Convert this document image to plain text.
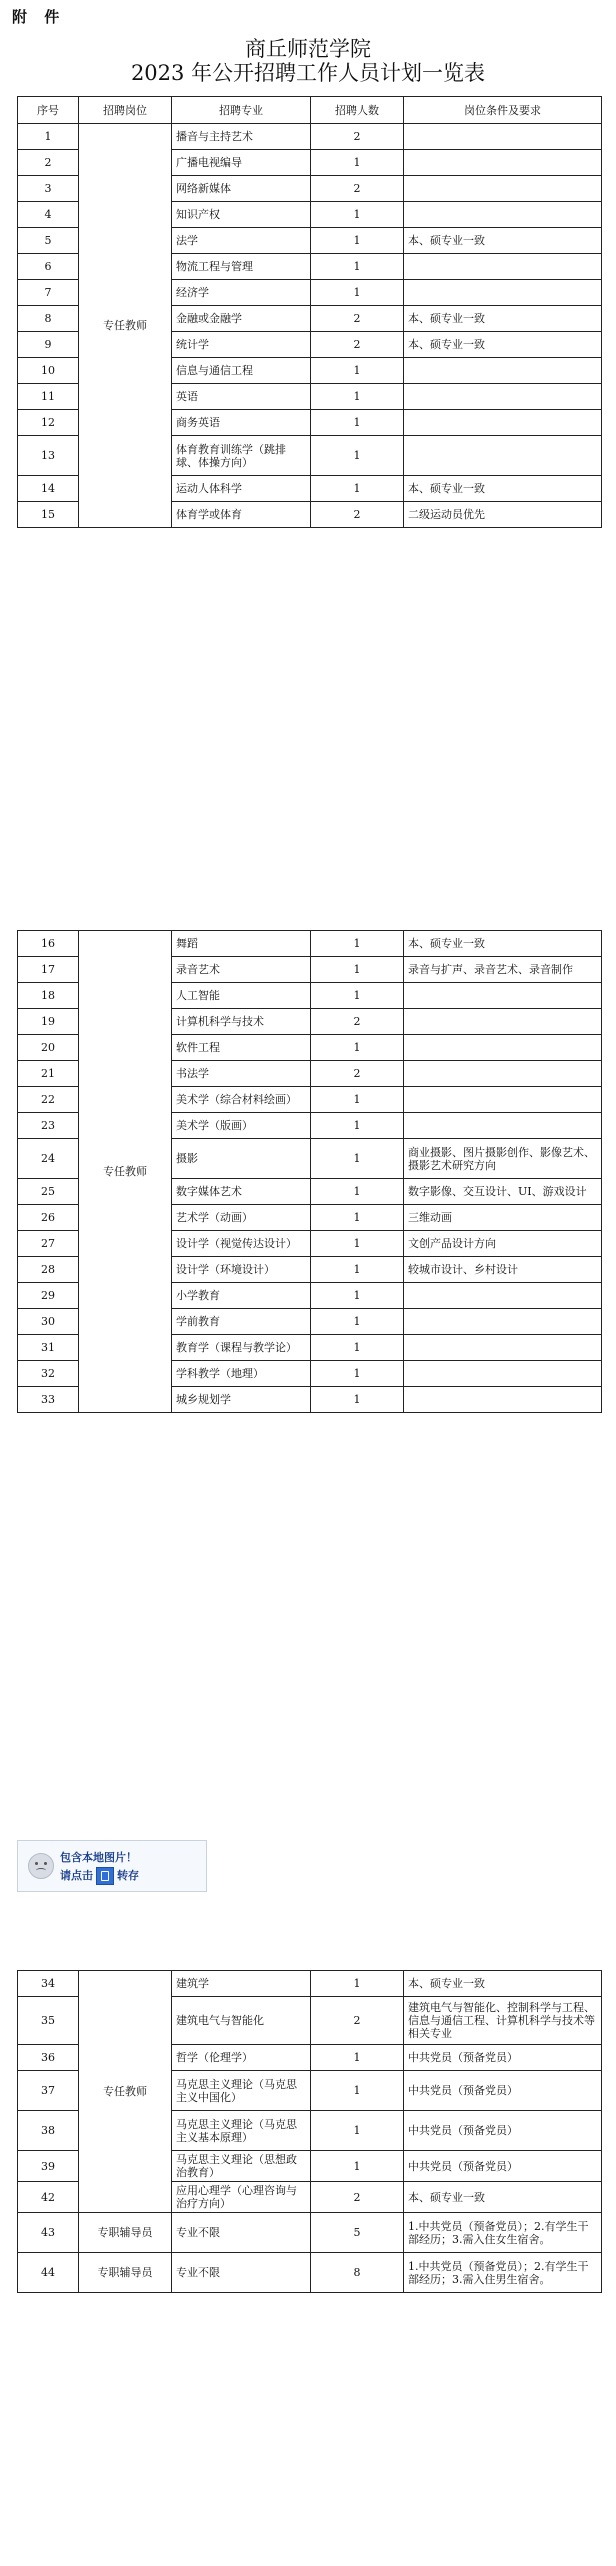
附 件
商丘师范学院
2023 年公开招聘工作人员计划一览表
序号	招聘岗位	招聘专业	招聘人数	岗位条件及要求
1	专任教师	播音与主持艺术	2	
2		广播电视编导	1	
3		网络新媒体	2	
4		知识产权	1	
5		法学	1	本、硕专业一致
6		物流工程与管理	1	
7		经济学	1	
8		金融或金融学	2	本、硕专业一致
9		统计学	2	本、硕专业一致
10		信息与通信工程	1	
11		英语	1	
12		商务英语	1	
13		体育教育训练学（跳排球、体操方向）	1	
14		运动人体科学	1	本、硕专业一致
15		体育学或体育	2	二级运动员优先
16	专任教师	舞蹈	1	本、硕专业一致
17		录音艺术	1	录音与扩声、录音艺术、录音制作
18		人工智能	1	
19		计算机科学与技术	2	
20		软件工程	1	
21		书法学	2	
22		美术学（综合材料绘画）	1	
23		美术学（版画）	1	
24		摄影	1	商业摄影、图片摄影创作、影像艺术、摄影艺术研究方向
25		数字媒体艺术	1	数字影像、交互设计、UI、游戏设计
26		艺术学（动画）	1	三维动画
27		设计学（视觉传达设计）	1	文创产品设计方向
28		设计学（环境设计）	1	较城市设计、乡村设计
29		小学教育	1	
30		学前教育	1	
31		教育学（课程与教学论）	1	
32		学科教学（地理）	1	
33		城乡规划学	1	
包含本地图片！
请点击 转存
34	专任教师	建筑学	1	本、硕专业一致
35		建筑电气与智能化	2	建筑电气与智能化、控制科学与工程、信息与通信工程、计算机科学与技术等相关专业
36		哲学（伦理学）	1	中共党员（预备党员）
37		马克思主义理论（马克思主义中国化）	1	中共党员（预备党员）
38		马克思主义理论（马克思主义基本原理）	1	中共党员（预备党员）
39		马克思主义理论（思想政治教育）	1	中共党员（预备党员）
42		应用心理学（心理咨询与治疗方向）	2	本、硕专业一致
43	专职辅导员	专业不限	5	1.中共党员（预备党员）；2.有学生干部经历；3.需入住女生宿舍。
44	专职辅导员	专业不限	8	1.中共党员（预备党员）；2.有学生干部经历；3.需入住男生宿舍。
